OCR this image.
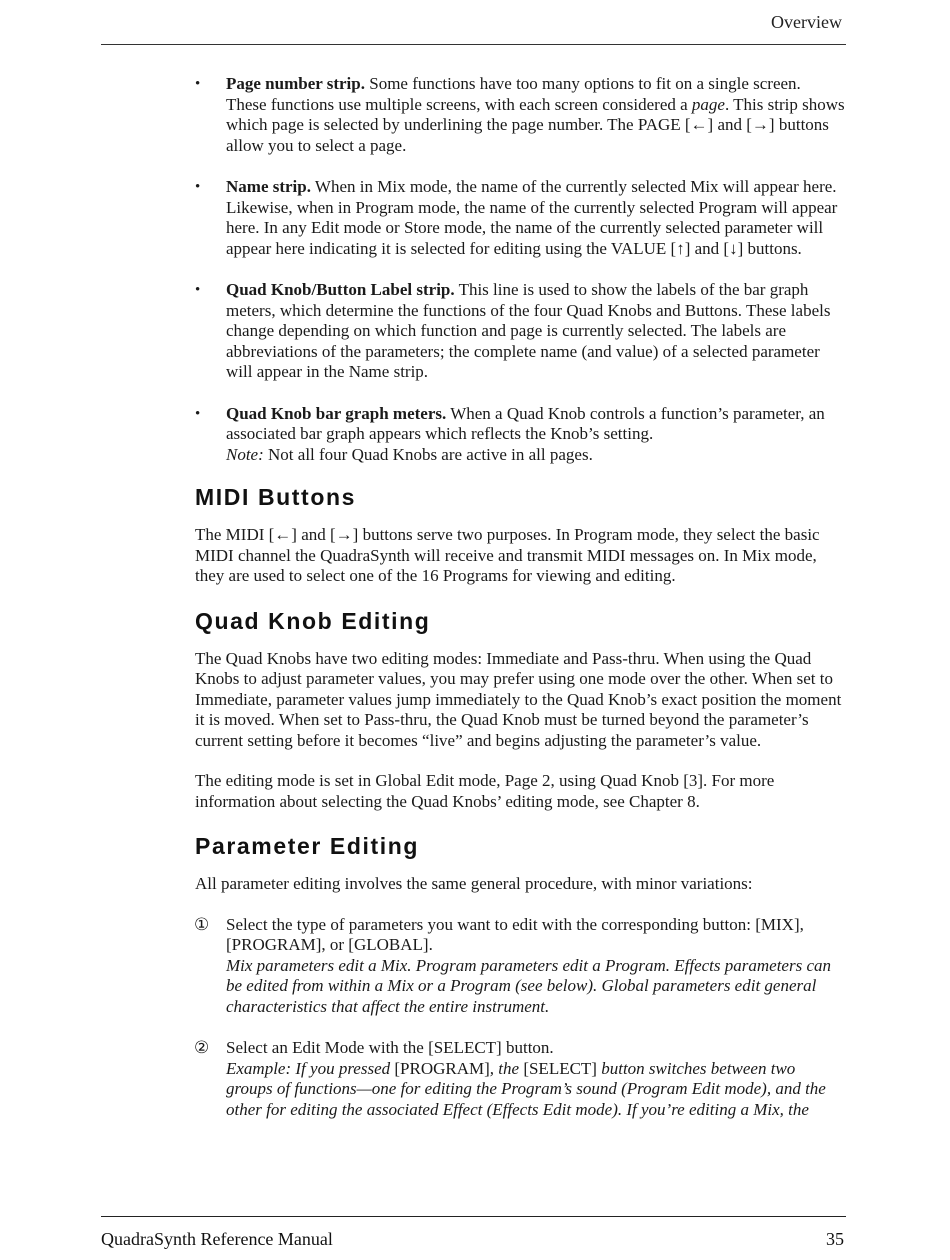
Overview
• Page number strip. Some functions have too many options to fit on a single screen. These functions use multiple screens, with each screen considered a page. This strip shows which page is selected by underlining the page number. The PAGE [←] and [→] buttons allow you to select a page.
• Name strip. When in Mix mode, the name of the currently selected Mix will appear here. Likewise, when in Program mode, the name of the currently selected Program will appear here. In any Edit mode or Store mode, the name of the currently selected parameter will appear here indicating it is selected for editing using the VALUE [↑] and [↓] buttons.
• Quad Knob/Button Label strip. This line is used to show the labels of the bar graph meters, which determine the functions of the four Quad Knobs and Buttons. These labels change depending on which function and page is currently selected. The labels are abbreviations of the parameters; the complete name (and value) of a selected parameter will appear in the Name strip.
• Quad Knob bar graph meters. When a Quad Knob controls a function’s parameter, an associated bar graph appears which reflects the Knob’s setting.
Note: Not all four Quad Knobs are active in all pages.
MIDI Buttons

The MIDI [←] and [→] buttons serve two purposes. In Program mode, they select the basic MIDI channel the QuadraSynth will receive and transmit MIDI messages on. In Mix mode, they are used to select one of the 16 Programs for viewing and editing.

Quad Knob Editing

The Quad Knobs have two editing modes: Immediate and Pass-thru. When using the Quad Knobs to adjust parameter values, you may prefer using one mode over the other. When set to Immediate, parameter values jump immediately to the Quad Knob’s exact position the moment it is moved. When set to Pass-thru, the Quad Knob must be turned beyond the parameter’s current setting before it becomes “live” and begins adjusting the parameter’s value.

The editing mode is set in Global Edit mode, Page 2, using Quad Knob [3]. For more information about selecting the Quad Knobs’ editing mode, see Chapter 8.

Parameter Editing

All parameter editing involves the same general procedure, with minor variations:

① Select the type of parameters you want to edit with the corresponding button: [MIX], [PROGRAM], or [GLOBAL].
Mix parameters edit a Mix. Program parameters edit a Program. Effects parameters can be edited from within a Mix or a Program (see below). Global parameters edit general characteristics that affect the entire instrument.
② Select an Edit Mode with the [SELECT] button.
Example: If you pressed [PROGRAM], the [SELECT] button switches between two groups of functions—one for editing the Program’s sound (Program Edit mode), and the other for editing the associated Effect (Effects Edit mode). If you’re editing a Mix, the
QuadraSynth Reference Manual	35
